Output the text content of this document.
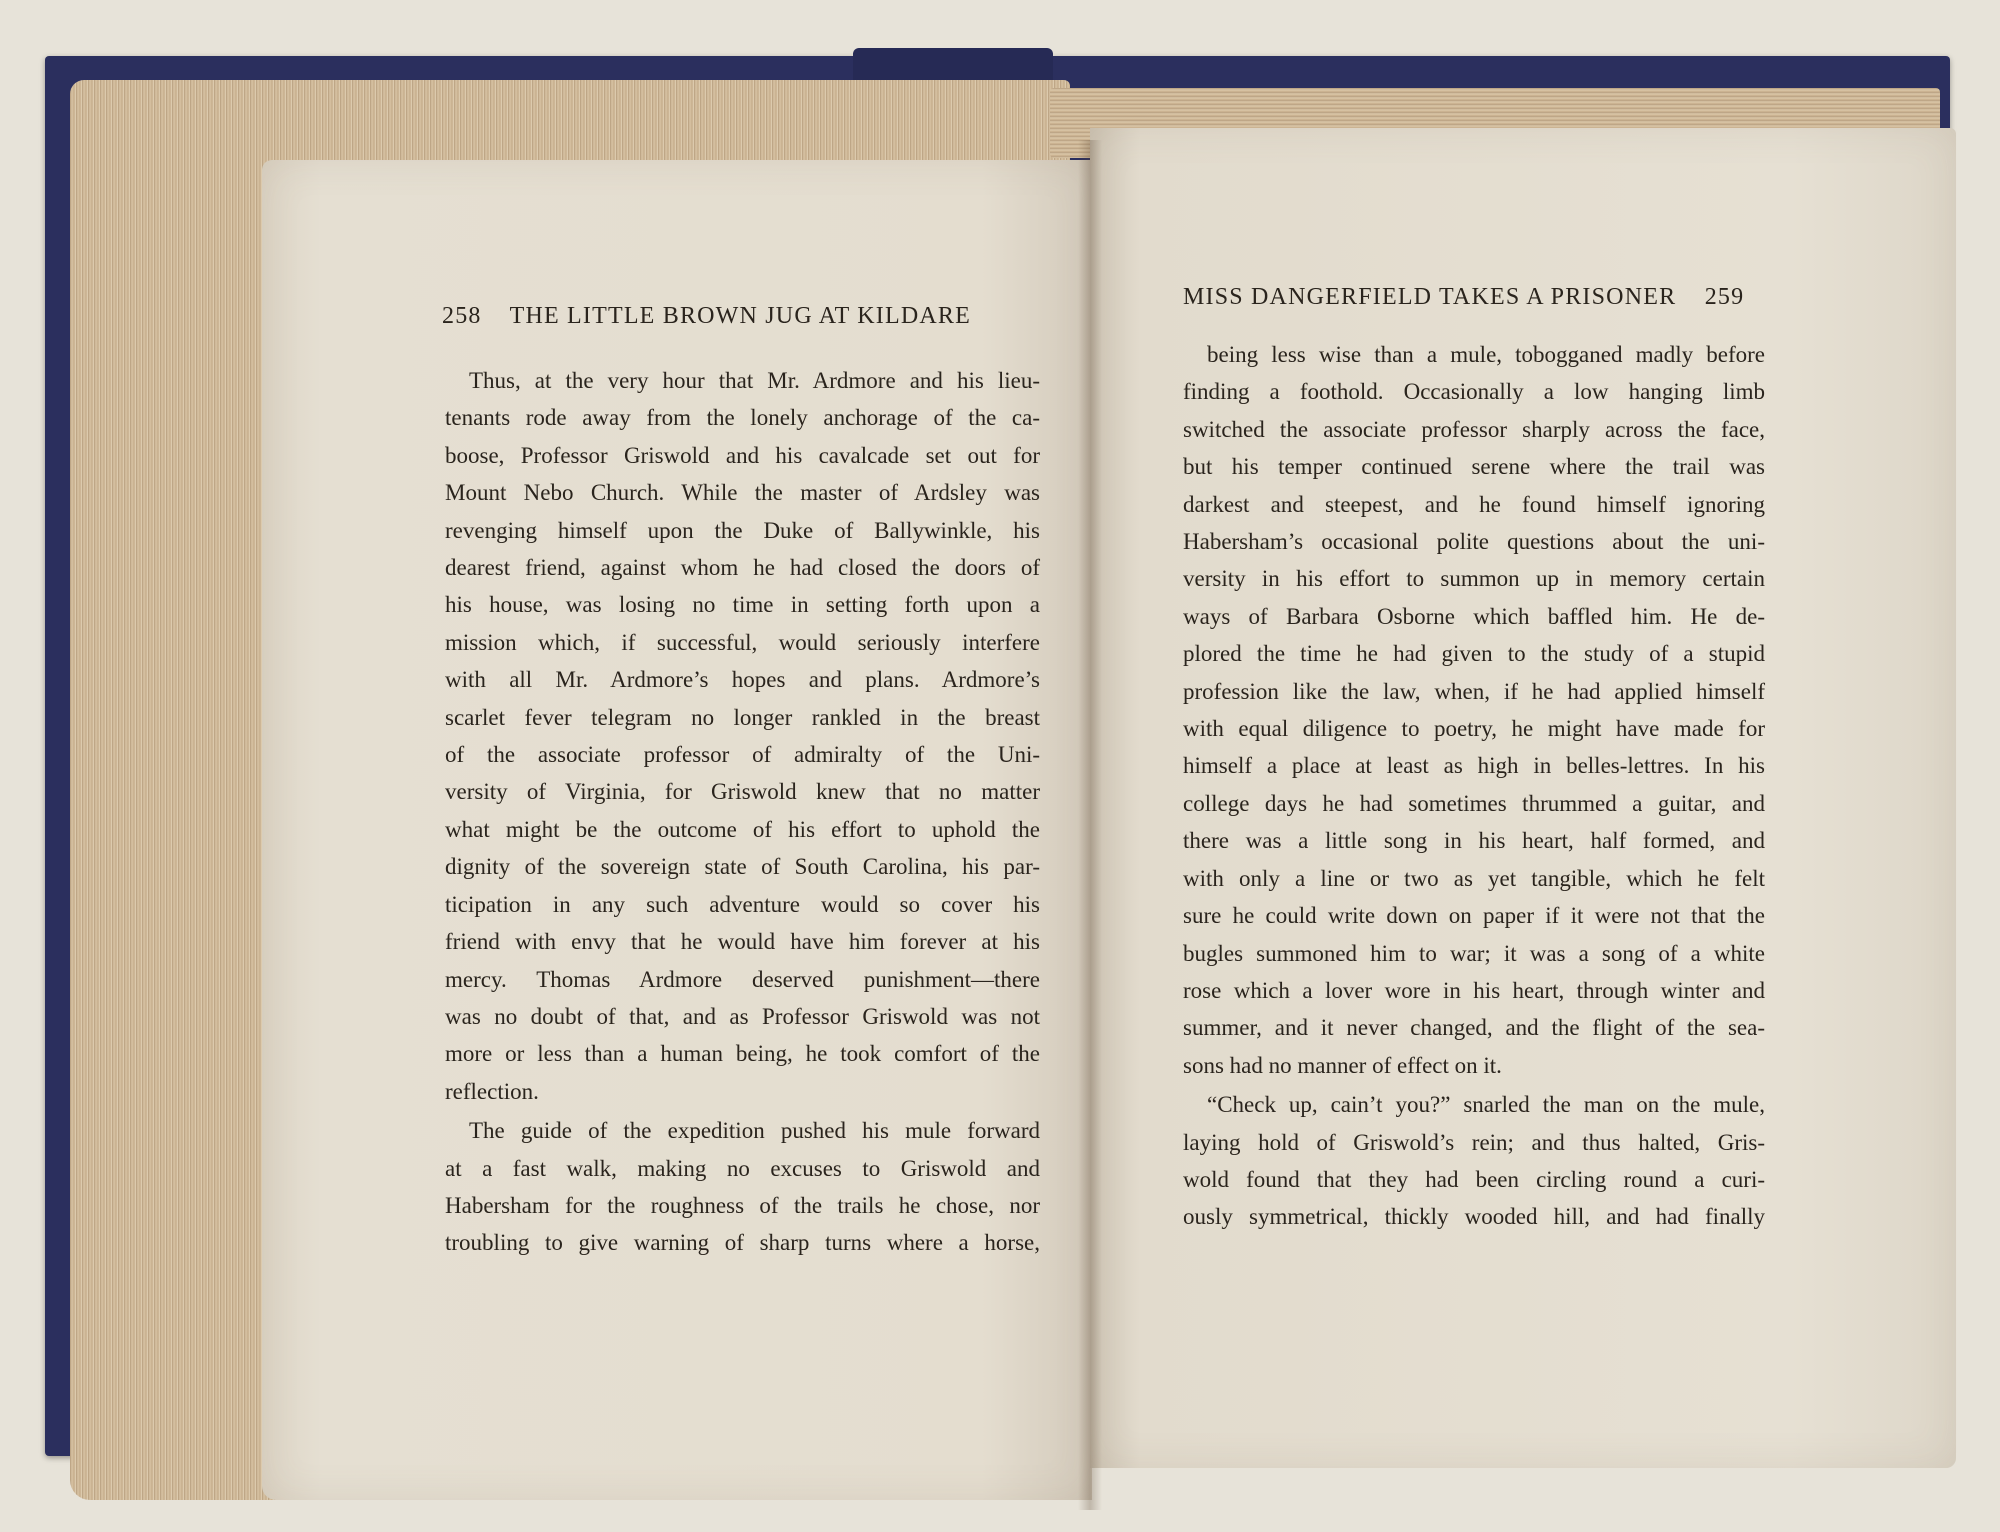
258 THE LITTLE BROWN JUG AT KILDARE
MISS DANGERFIELD TAKES A PRISONER 259

Thus, at the very hour that Mr. Ardmore and his lieu-
tenants rode away from the lonely anchorage of the ca-
boose, Professor Griswold and his cavalcade set out for
Mount Nebo Church. While the master of Ardsley was
revenging himself upon the Duke of Ballywinkle, his
dearest friend, against whom he had closed the doors of
his house, was losing no time in setting forth upon a
mission which, if successful, would seriously interfere
with all Mr. Ardmore’s hopes and plans. Ardmore’s
scarlet fever telegram no longer rankled in the breast
of the associate professor of admiralty of the Uni-
versity of Virginia, for Griswold knew that no matter
what might be the outcome of his effort to uphold the
dignity of the sovereign state of South Carolina, his par-
ticipation in any such adventure would so cover his
friend with envy that he would have him forever at his
mercy. Thomas Ardmore deserved punishment—there
was no doubt of that, and as Professor Griswold was not
more or less than a human being, he took comfort of the
reflection.

The guide of the expedition pushed his mule forward
at a fast walk, making no excuses to Griswold and
Habersham for the roughness of the trails he chose, nor
troubling to give warning of sharp turns where a horse,

being less wise than a mule, tobogganed madly before
finding a foothold. Occasionally a low hanging limb
switched the associate professor sharply across the face,
but his temper continued serene where the trail was
darkest and steepest, and he found himself ignoring
Habersham’s occasional polite questions about the uni-
versity in his effort to summon up in memory certain
ways of Barbara Osborne which baffled him. He de-
plored the time he had given to the study of a stupid
profession like the law, when, if he had applied himself
with equal diligence to poetry, he might have made for
himself a place at least as high in belles-lettres. In his
college days he had sometimes thrummed a guitar, and
there was a little song in his heart, half formed, and
with only a line or two as yet tangible, which he felt
sure he could write down on paper if it were not that the
bugles summoned him to war; it was a song of a white
rose which a lover wore in his heart, through winter and
summer, and it never changed, and the flight of the sea-
sons had no manner of effect on it.

“Check up, cain’t you?” snarled the man on the mule,
laying hold of Griswold’s rein; and thus halted, Gris-
wold found that they had been circling round a curi-
ously symmetrical, thickly wooded hill, and had finally
